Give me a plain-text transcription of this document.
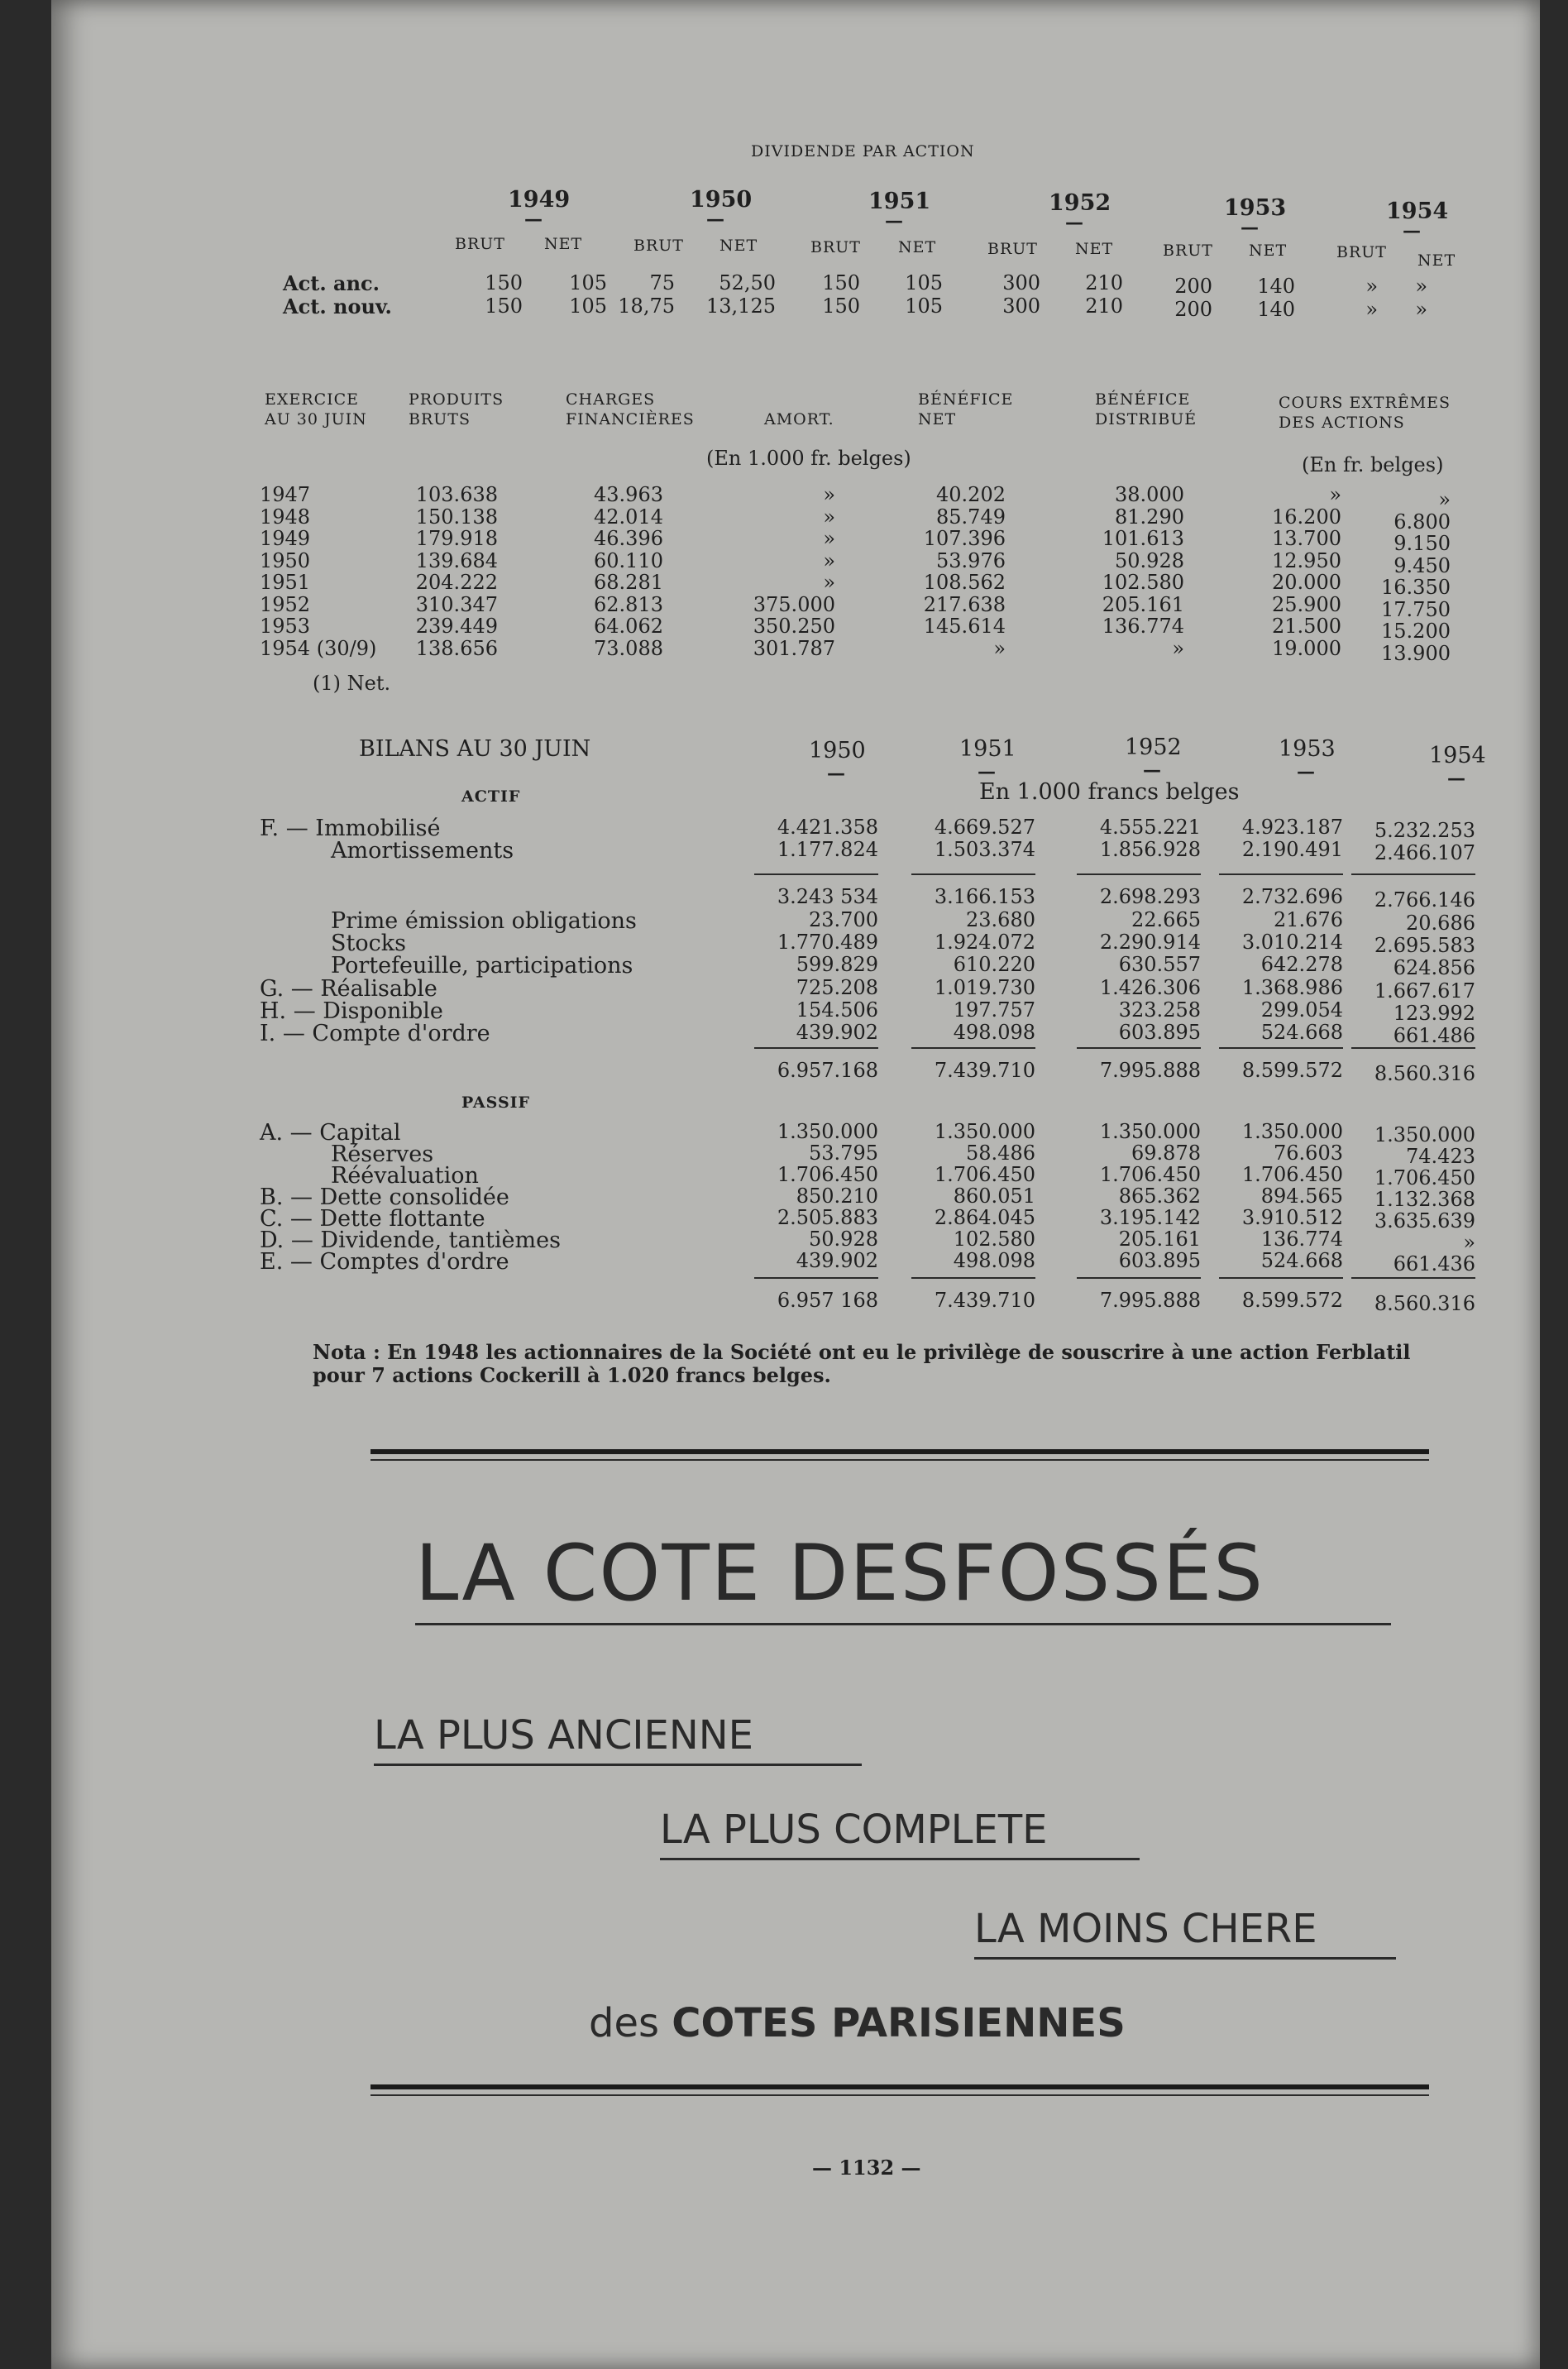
DIVIDENDE PAR ACTION
1949
—
1950
—
1951
—
1952
—
1953
—
1954
—
BRUT NET	BRUT NET	BRUT NET	BRUT NET	BRUT NET	BRUT NET
Act. anc.	150 105 75 52,50 150 105	300 210	200 140	» »
Act. nouv.	150 105 18,75 13,125 150 105	300 210	200 140	» »
EXERCICE
AU 30 JUIN
PRODUITS
BRUTS
CHARGES
FINANCIÈRES	AMORT.
BÉNÉFICE
NET
BÉNÉFICE
DISTRIBUÉ
COURS EXTRÊMES
DES ACTIONS
(En 1.000 fr. belges)	(En fr. belges)
1947	103.638	43.963	»	40.202	38.000	»	»
1948	150.138	42.014	»	85.749	81.290	16.200	6.800
1949	179.918	46.396	»	107.396	101.613	13.700	9.150
1950	139.684	60.110	»	53.976	50.928	12.950	9.450
1951	204.222	68.281	»	108.562	102.580	20.000 16.350
1952	310.347	62.813	375.000	217.638	205.161	25.900 17.750
1953	239.449	64.062	350.250	145.614	136.774	21.500 15.200
1954 (30/9) 138.656	73.088	301.787	»	»	19.000 13.900
(1) Net.
BILANS AU 30 JUIN	1950
—
1951
—
1952
—
1953
—
1954
—
ACTIF	En 1.000 francs belges
F. — Immobilisé	4.421.358	4.669.527	4.555.221 4.923.187 5.232.253
Amortissements	1.177.824	1.503.374	1.856.928 2.190.491 2.466.107
3.243 534	3.166.153	2.698.293 2.732.696 2.766.146
Prime émission obligations	23.700	23.680	22.665	21.676	20.686
Stocks	1.770.489	1.924.072	2.290.914 3.010.214 2.695.583
Portefeuille, participations	599.829	610.220	630.557	642.278	624.856
G. — Réalisable	725.208	1.019.730	1.426.306 1.368.986 1.667.617
H. — Disponible	154.506	197.757	323.258	299.054	123.992
I. — Compte d'ordre	439.902	498.098	603.895	524.668	661.486
6.957.168	7.439.710	7.995.888 8.599.572 8.560.316
PASSIF
A. — Capital	1.350.000	1.350.000	1.350.000 1.350.000 1.350.000
Réserves	53.795	58.486	69.878	76.603	74.423
Réévaluation	1.706.450	1.706.450	1.706.450 1.706.450 1.706.450
B. — Dette consolidée	850.210	860.051	865.362	894.565 1.132.368
C. — Dette flottante	2.505.883	2.864.045	3.195.142 3.910.512 3.635.639
D. — Dividende, tantièmes	50.928	102.580	205.161	136.774	»
E. — Comptes d'ordre	439.902	498.098	603.895	524.668	661.436
6.957 168	7.439.710	7.995.888 8.599.572 8.560.316
Nota : En 1948 les actionnaires de la Société ont eu le privilège de souscrire à une action Ferblatil
pour 7 actions Cockerill à 1.020 francs belges.
LA COTE DESFOSSÉS
LA PLUS ANCIENNE
LA PLUS COMPLETE
LA MOINS CHERE
des COTES PARISIENNES
— 1132 —
